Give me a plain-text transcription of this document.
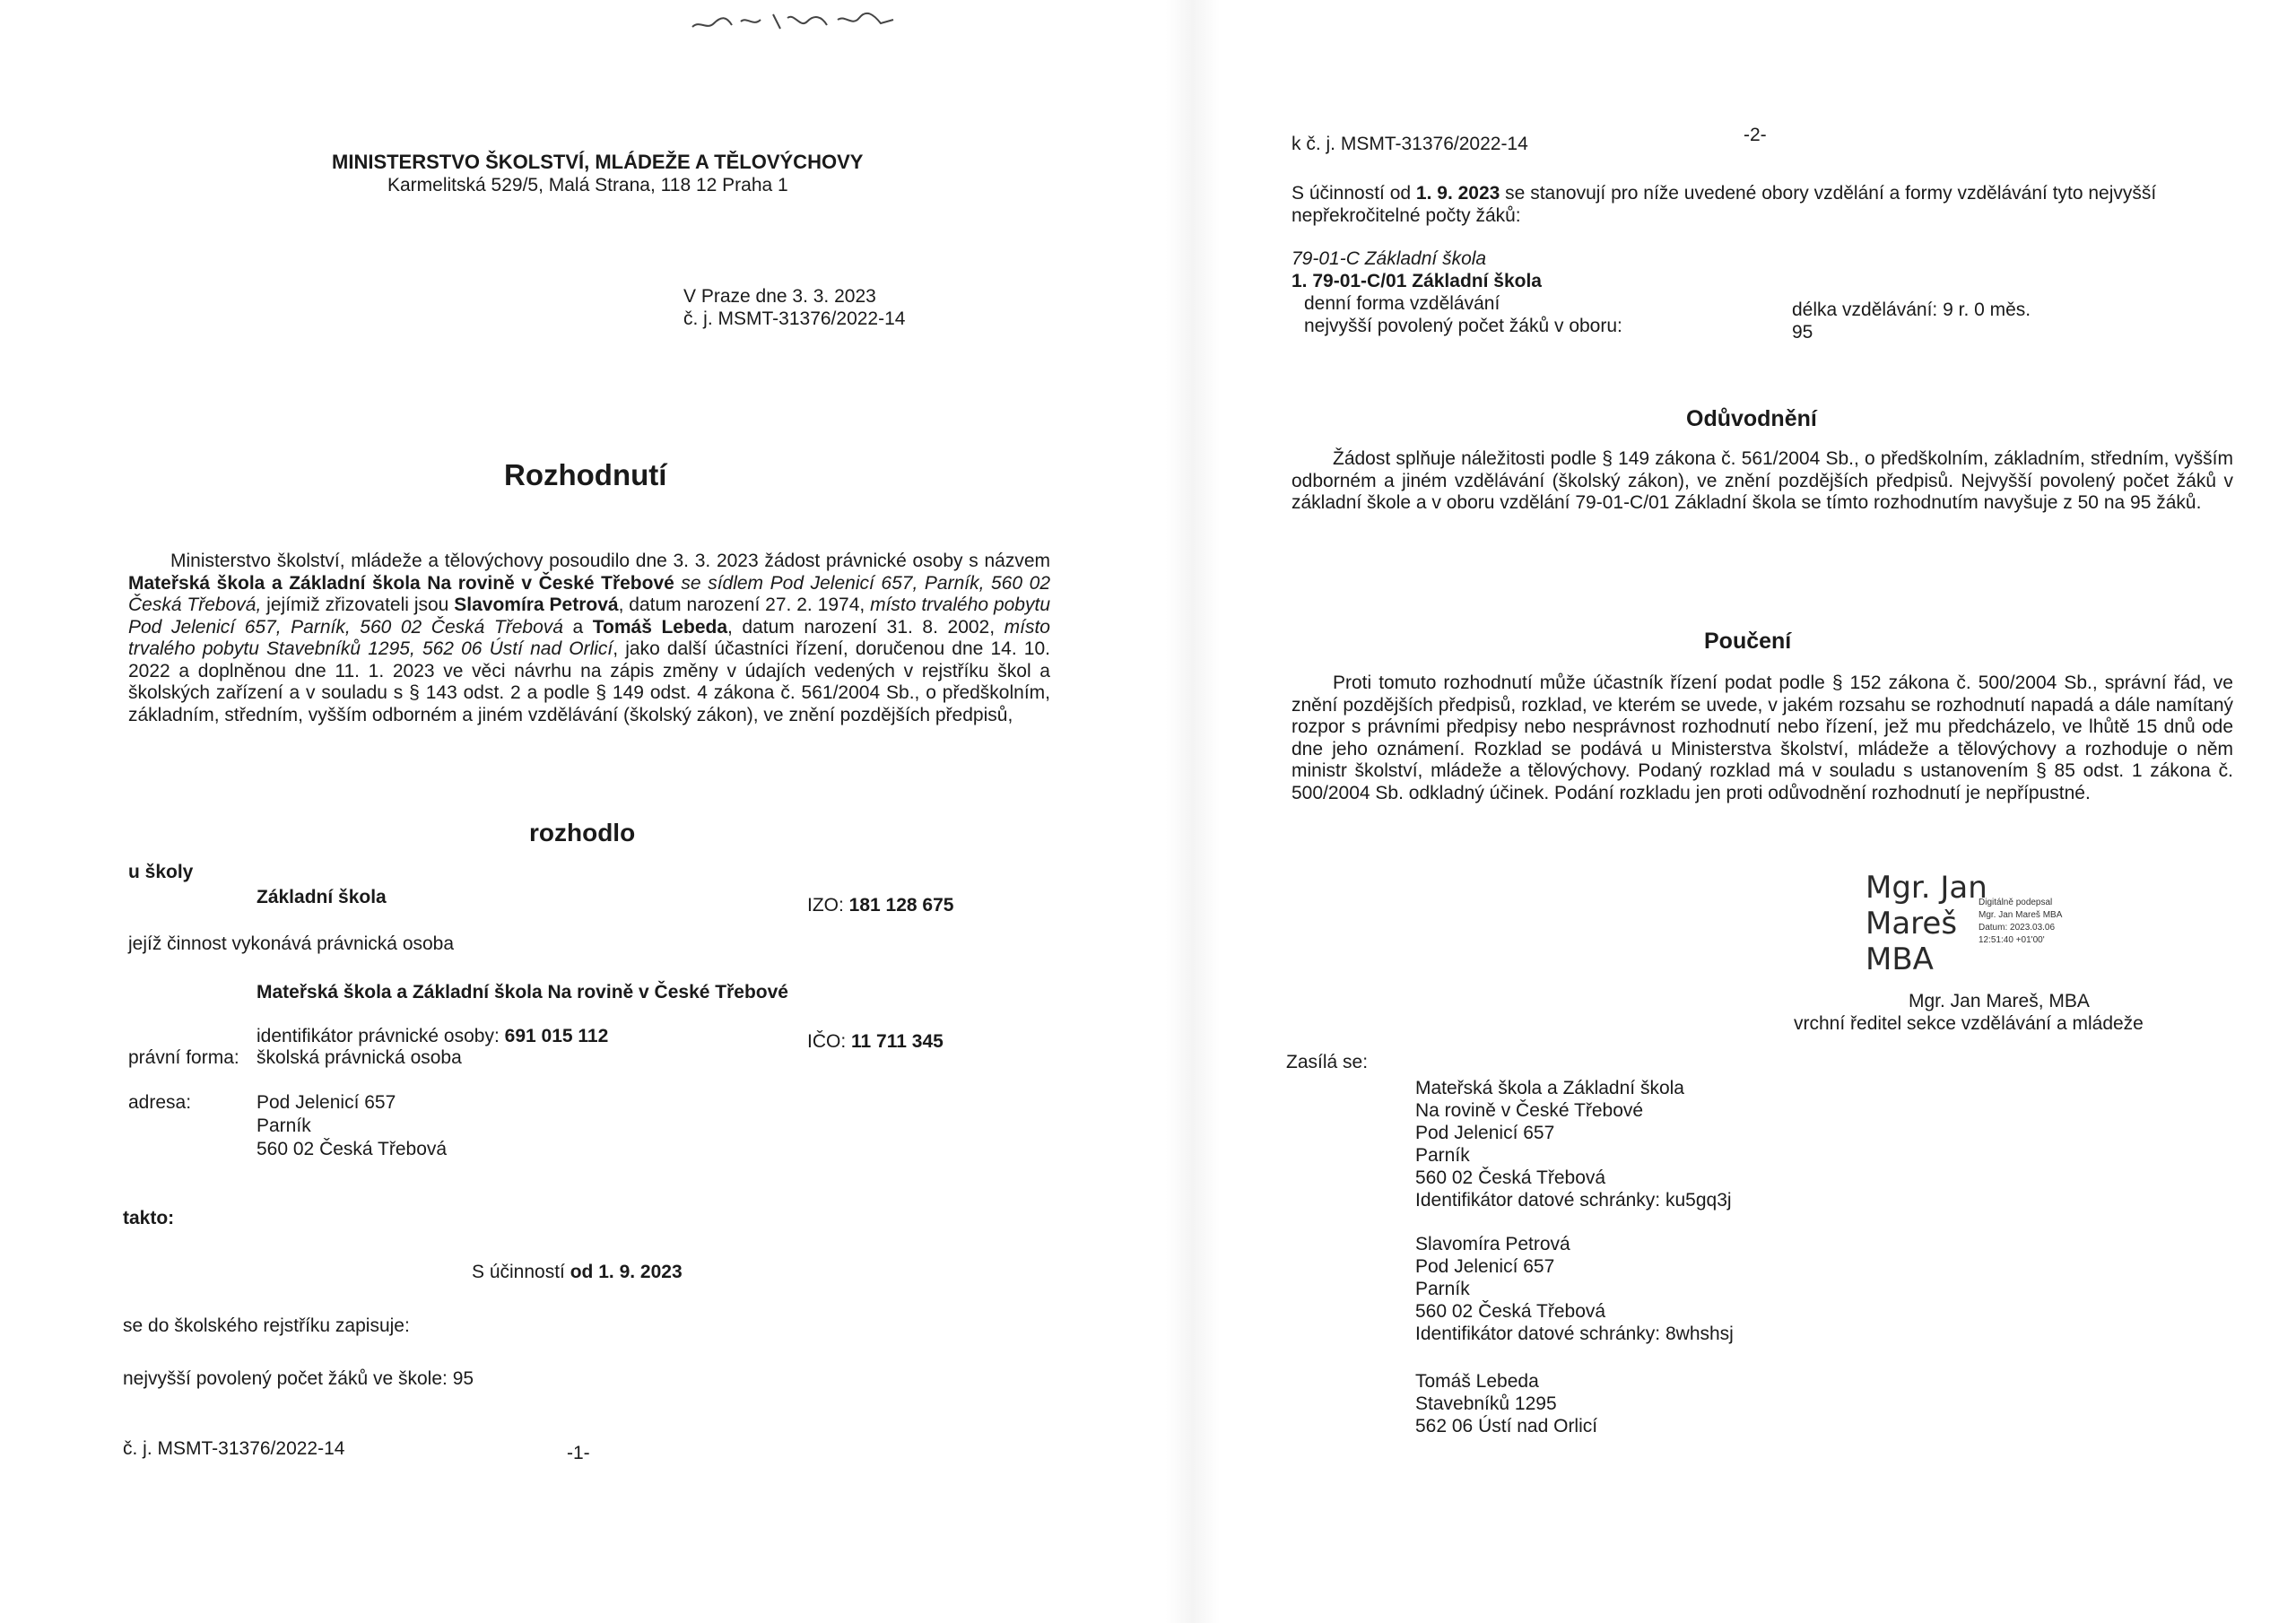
MINISTERSTVO ŠKOLSTVÍ, MLÁDEŽE A TĚLOVÝCHOVY
Karmelitská 529/5, Malá Strana, 118 12 Praha 1
V Praze dne 3. 3. 2023
č. j. MSMT-31376/2022-14
Rozhodnutí
Ministerstvo školství, mládeže a tělovýchovy posoudilo dne 3. 3. 2023 žádost právnické osoby s názvem Mateřská škola a Základní škola Na rovině v České Třebové se sídlem Pod Jelenicí 657, Parník, 560 02 Česká Třebová, jejímiž zřizovateli jsou Slavomíra Petrová, datum narození 27. 2. 1974, místo trvalého pobytu Pod Jelenicí 657, Parník, 560 02 Česká Třebová a Tomáš Lebeda, datum narození 31. 8. 2002, místo trvalého pobytu Stavebníků 1295, 562 06 Ústí nad Orlicí, jako další účastníci řízení, doručenou dne 14. 10. 2022 a doplněnou dne 11. 1. 2023 ve věci návrhu na zápis změny v údajích vedených v rejstříku škol a školských zařízení a v souladu s § 143 odst. 2 a podle § 149 odst. 4 zákona č. 561/2004 Sb., o předškolním, základním, středním, vyšším odborném a jiném vzdělávání (školský zákon), ve znění pozdějších předpisů,
rozhodlo
u školy
Základní škola	IZO: 181 128 675
jejíž činnost vykonává právnická osoba
Mateřská škola a Základní škola Na rovině v České Třebové
identifikátor právnické osoby: 691 015 112	IČO: 11 711 345
právní forma: školská právnická osoba
adresa:	Pod Jelenicí 657
Parník
560 02 Česká Třebová
takto:
S účinností od 1. 9. 2023
se do školského rejstříku zapisuje:
nejvyšší povolený počet žáků ve škole: 95
č. j. MSMT-31376/2022-14	-1-
k č. j. MSMT-31376/2022-14	-2-
S účinností od 1. 9. 2023 se stanovují pro níže uvedené obory vzdělání a formy vzdělávání tyto nejvyšší nepřekročitelné počty žáků:
79-01-C Základní škola
1. 79-01-C/01 Základní škola
denní forma vzdělávání	délka vzdělávání: 9 r. 0 měs.
nejvyšší povolený počet žáků v oboru:	95
Odůvodnění
Žádost splňuje náležitosti podle § 149 zákona č. 561/2004 Sb., o předškolním, základním, středním, vyšším odborném a jiném vzdělávání (školský zákon), ve znění pozdějších předpisů. Nejvyšší povolený počet žáků v základní škole a v oboru vzdělání 79-01-C/01 Základní škola se tímto rozhodnutím navyšuje z 50 na 95 žáků.
Poučení
Proti tomuto rozhodnutí může účastník řízení podat podle § 152 zákona č. 500/2004 Sb., správní řád, ve znění pozdějších předpisů, rozklad, ve kterém se uvede, v jakém rozsahu se rozhodnutí napadá a dále namítaný rozpor s právními předpisy nebo nesprávnost rozhodnutí nebo řízení, jež mu předcházelo, ve lhůtě 15 dnů ode dne jeho oznámení. Rozklad se podává u Ministerstva školství, mládeže a tělovýchovy a rozhoduje o něm ministr školství, mládeže a tělovýchovy. Podaný rozklad má v souladu s ustanovením § 85 odst. 1 zákona č. 500/2004 Sb. odkladný účinek. Podání rozkladu jen proti odůvodnění rozhodnutí je nepřípustné.
Mgr. Jan
Mareš
MBA
Digitálně podepsal
Mgr. Jan Mareš MBA
Datum: 2023.03.06
12:51:40 +01'00'
Mgr. Jan Mareš, MBA
vrchní ředitel sekce vzdělávání a mládeže
Zasílá se:
Mateřská škola a Základní škola
Na rovině v České Třebové
Pod Jelenicí 657
Parník
560 02 Česká Třebová
Identifikátor datové schránky: ku5gq3j
Slavomíra Petrová
Pod Jelenicí 657
Parník
560 02 Česká Třebová
Identifikátor datové schránky: 8whshsj
Tomáš Lebeda
Stavebníků 1295
562 06 Ústí nad Orlicí
